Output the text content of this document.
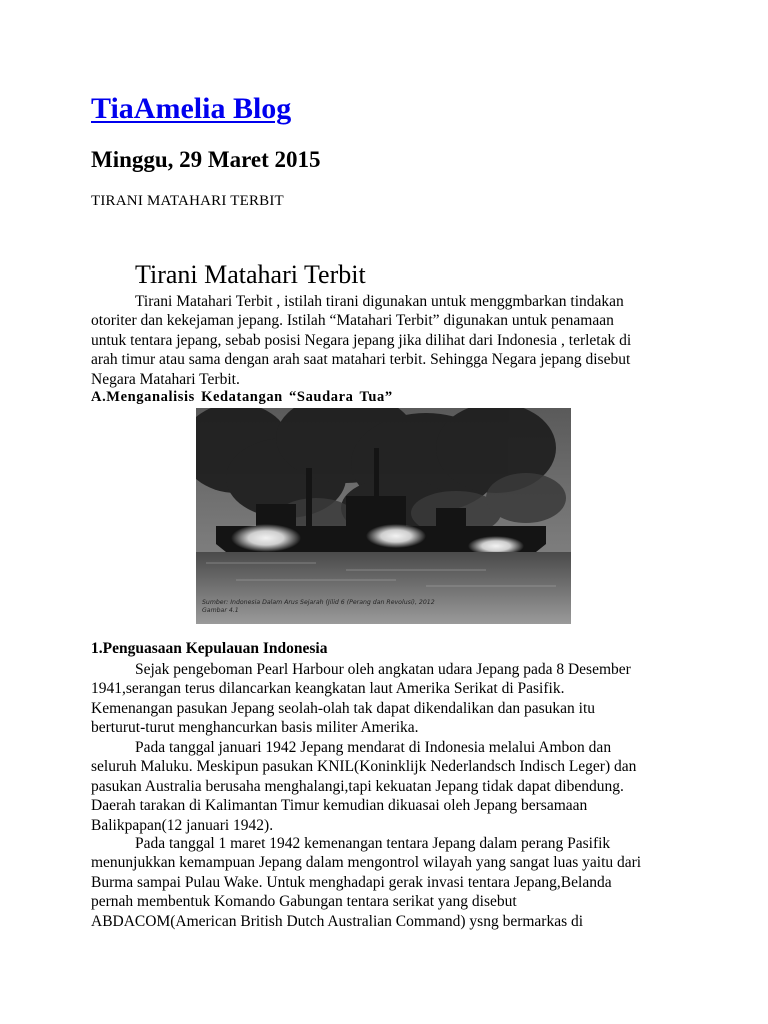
TiaAmelia Blog
Minggu, 29 Maret 2015
TIRANI MATAHARI TERBIT
Tirani Matahari Terbit
Tirani Matahari Terbit , istilah tirani digunakan untuk menggmbarkan tindakan
otoriter dan kekejaman jepang. Istilah “Matahari Terbit” digunakan untuk penamaan
untuk tentara jepang, sebab posisi Negara jepang jika dilihat dari Indonesia , terletak di
arah timur atau sama dengan arah saat matahari terbit. Sehingga Negara jepang disebut
Negara Matahari Terbit.
A.Menganalisis Kedatangan “Saudara Tua”
Sumber: Indonesia Dalam Arus Sejarah (Jilid 6 (Perang dan Revolusi), 2012
Gambar 4.1
1.Penguasaan Kepulauan Indonesia
Sejak pengeboman Pearl Harbour oleh angkatan udara Jepang pada 8 Desember
1941,serangan terus dilancarkan keangkatan laut Amerika Serikat di Pasifik.
Kemenangan pasukan Jepang seolah-olah tak dapat dikendalikan dan pasukan itu
berturut-turut menghancurkan basis militer Amerika.
Pada tanggal januari 1942 Jepang mendarat di Indonesia melalui Ambon dan
seluruh Maluku. Meskipun pasukan KNIL(Koninklijk Nederlandsch Indisch Leger) dan
pasukan Australia berusaha menghalangi,tapi kekuatan Jepang tidak dapat dibendung.
Daerah tarakan di Kalimantan Timur kemudian dikuasai oleh Jepang bersamaan
Balikpapan(12 januari 1942).
Pada tanggal 1 maret 1942 kemenangan tentara Jepang dalam perang Pasifik
menunjukkan kemampuan Jepang dalam mengontrol wilayah yang sangat luas yaitu dari
Burma sampai Pulau Wake. Untuk menghadapi gerak invasi tentara Jepang,Belanda
pernah membentuk Komando Gabungan tentara serikat yang disebut
ABDACOM(American British Dutch Australian Command) ysng bermarkas di
